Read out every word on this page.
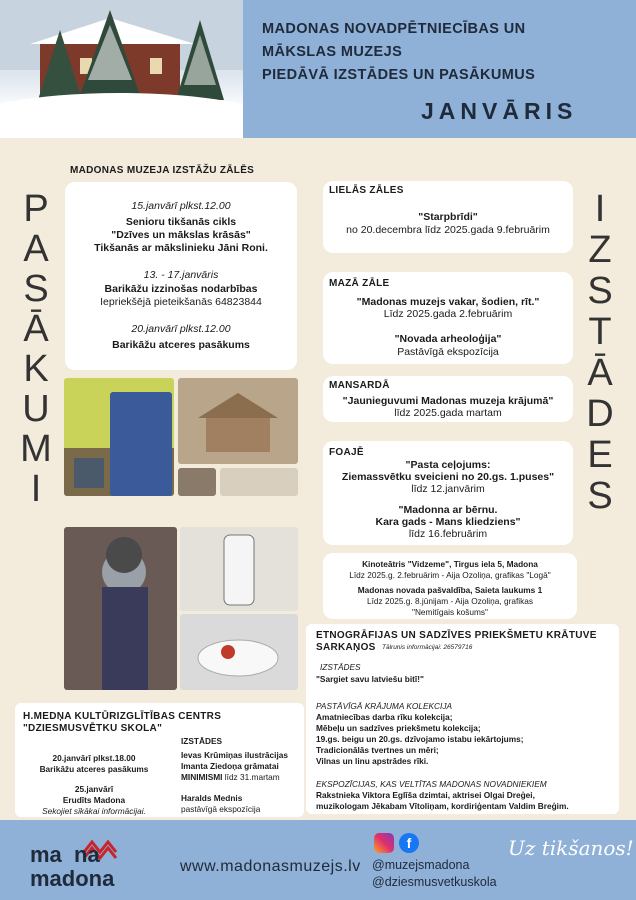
MADONAS NOVADPĒTNIECĪBAS UN
MĀKSLAS MUZEJS
PIEDĀVĀ IZSTĀDES UN PASĀKUMUS
JANVĀRIS
P
A
S
Ā
K
U
M
I
I
Z
S
T
Ā
D
E
S
MADONAS MUZEJA IZSTĀŽU ZĀLĒS
15.janvārī plkst.12.00
Senioru tikšanās cikls
"Dzīves un mākslas krāsās"
Tikšanās ar mākslinieku Jāni Roni.
13. - 17.janvāris
Barikāžu izzinošas nodarbības
Iepriekšējā pieteikšanās 64823844
20.janvārī plkst.12.00
Barikāžu atceres pasākums
LIELĀS ZĀLES
"Starpbrīdi"
no 20.decembra līdz 2025.gada 9.februārim
MAZĀ ZĀLE
"Madonas muzejs vakar, šodien, rīt."
Līdz 2025.gada 2.februārim
"Novada arheoloģija"
Pastāvīgā ekspozīcija
MANSARDĀ
"Jaunieguvumi Madonas muzeja krājumā"
līdz 2025.gada martam
FOAJĒ
"Pasta ceļojums:
Ziemassvētku sveicieni no 20.gs. 1.puses"
līdz 12.janvārim
"Madonna ar bērnu.
Kara gads - Mans kliedziens"
līdz 16.februārim
Kinoteātris "Vidzeme", Tirgus iela 5, Madona
Līdz 2025.g. 2.februārim - Aija Ozoliņa, grafikas "Logā"
Madonas novada pašvaldība, Saieta laukums 1
Līdz 2025.g. 8.jūnijam - Aija Ozoliņa, grafikas
"Nemitīgais košums"
ETNOGRĀFIJAS UN SADZĪVES PRIEKŠMETU KRĀTUVE
SARKAŅOS Tālrunis informācijai: 26579716
IZSTĀDES
"Sargiet savu latviešu bitī!"
PASTĀVĪGĀ KRĀJUMA KOLEKCIJA
Amatniecības darba rīku kolekcija;
Mēbeļu un sadzīves priekšmetu kolekcija;
19.gs. beigu un 20.gs. dzīvojamo istabu iekārtojums;
Tradicionālās tvertnes un mēri;
Vilnas un linu apstrādes rīki.
EKSPOZĪCIJAS, KAS VELTĪTAS MADONAS NOVADNIEKIEM
Rakstnieka Viktora Eglīša dzimtai, aktrisei Olgai Dreģei,
muzikologam Jēkabam Vītoliņam, kordiriģentam Valdim Breģim.
H.MEDŅA KULTŪRIZGLĪTĪBAS CENTRS
"DZIESMUSVĒTKU SKOLA"
20.janvārī plkst.18.00
Barikāžu atceres pasākums
25.janvārī
Erudīts Madona
Sekojiet sīkākai informācijai.
IZSTĀDES
Ievas Krūmiņas ilustrācijas
Imanta Ziedoņa grāmatai
MINIMISMI līdz 31.martam
Haralds Mednis
pastāvīgā ekspozīcija
ma  na
madona	www.madonasmuzejs.lv
f
@muzejsmadona
@dziesmusvetkuskola
Uz tikšanos!
